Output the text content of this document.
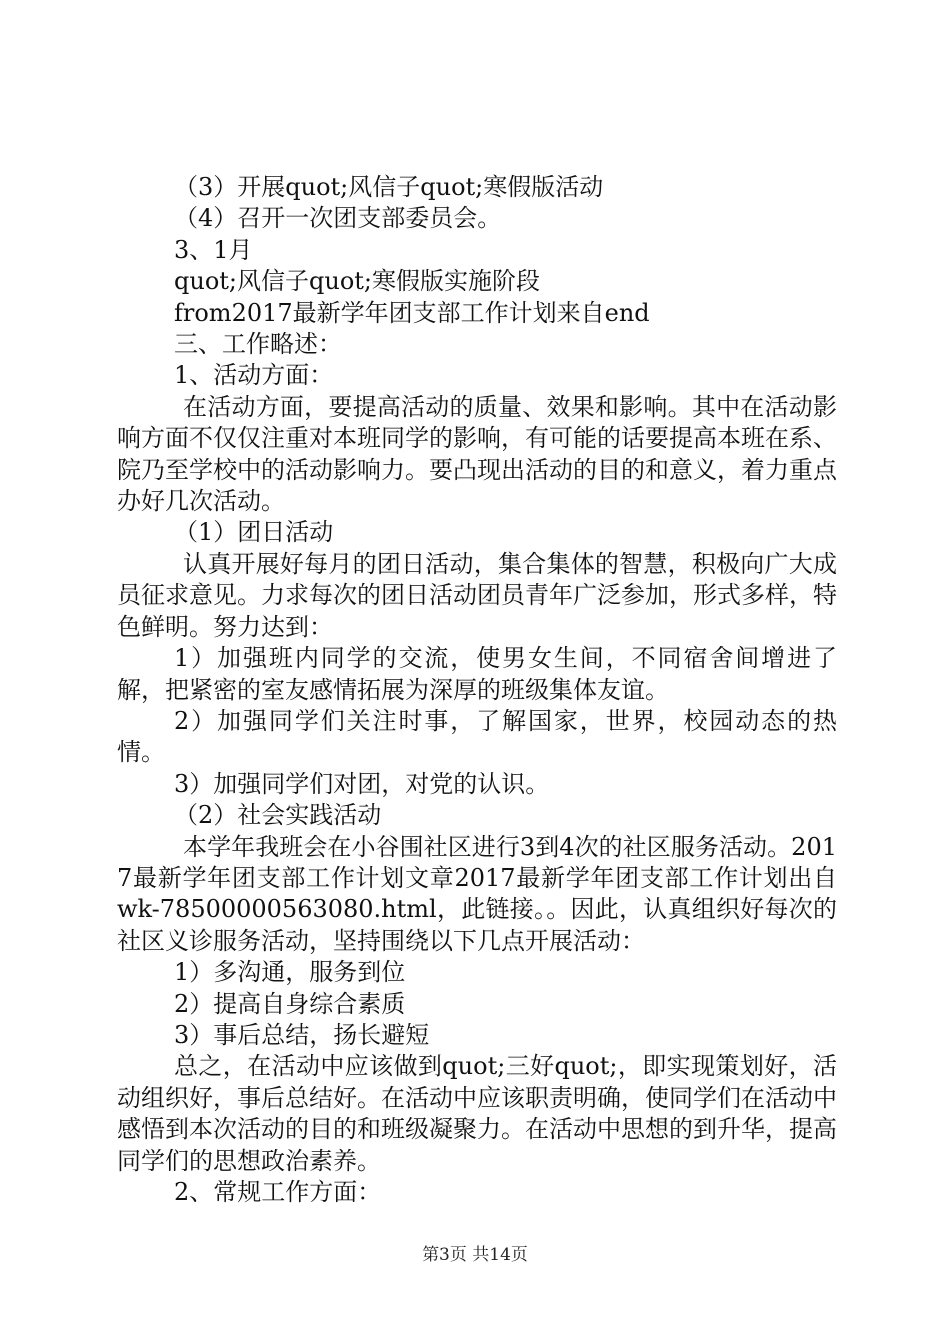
（3）开展quot;风信子quot;寒假版活动

（4）召开一次团支部委员会。

3、1月

quot;风信子quot;寒假版实施阶段

from2017最新学年团支部工作计划来自end

三、工作略述：

1、活动方面：

在活动方面，要提高活动的质量、效果和影响。其中在活动影响方面不仅仅注重对本班同学的影响，有可能的话要提高本班在系、院乃至学校中的活动影响力。要凸现出活动的目的和意义，着力重点办好几次活动。

（1）团日活动

认真开展好每月的团日活动，集合集体的智慧，积极向广大成员征求意见。力求每次的团日活动团员青年广泛参加，形式多样，特色鲜明。努力达到：

1）加强班内同学的交流，使男女生间，不同宿舍间增进了解，把紧密的室友感情拓展为深厚的班级集体友谊。

2）加强同学们关注时事，了解国家，世界，校园动态的热情。

3）加强同学们对团，对党的认识。

（2）社会实践活动

本学年我班会在小谷围社区进行3到4次的社区服务活动。2017最新学年团支部工作计划文章2017最新学年团支部工作计划出自wk-78500000563080.html，此链接。。因此，认真组织好每次的社区义诊服务活动，坚持围绕以下几点开展活动：

1）多沟通，服务到位

2）提高自身综合素质

3）事后总结，扬长避短

总之，在活动中应该做到quot;三好quot;，即实现策划好，活动组织好，事后总结好。在活动中应该职责明确，使同学们在活动中感悟到本次活动的目的和班级凝聚力。在活动中思想的到升华，提高同学们的思想政治素养。

2、常规工作方面：

第3页 共14页
